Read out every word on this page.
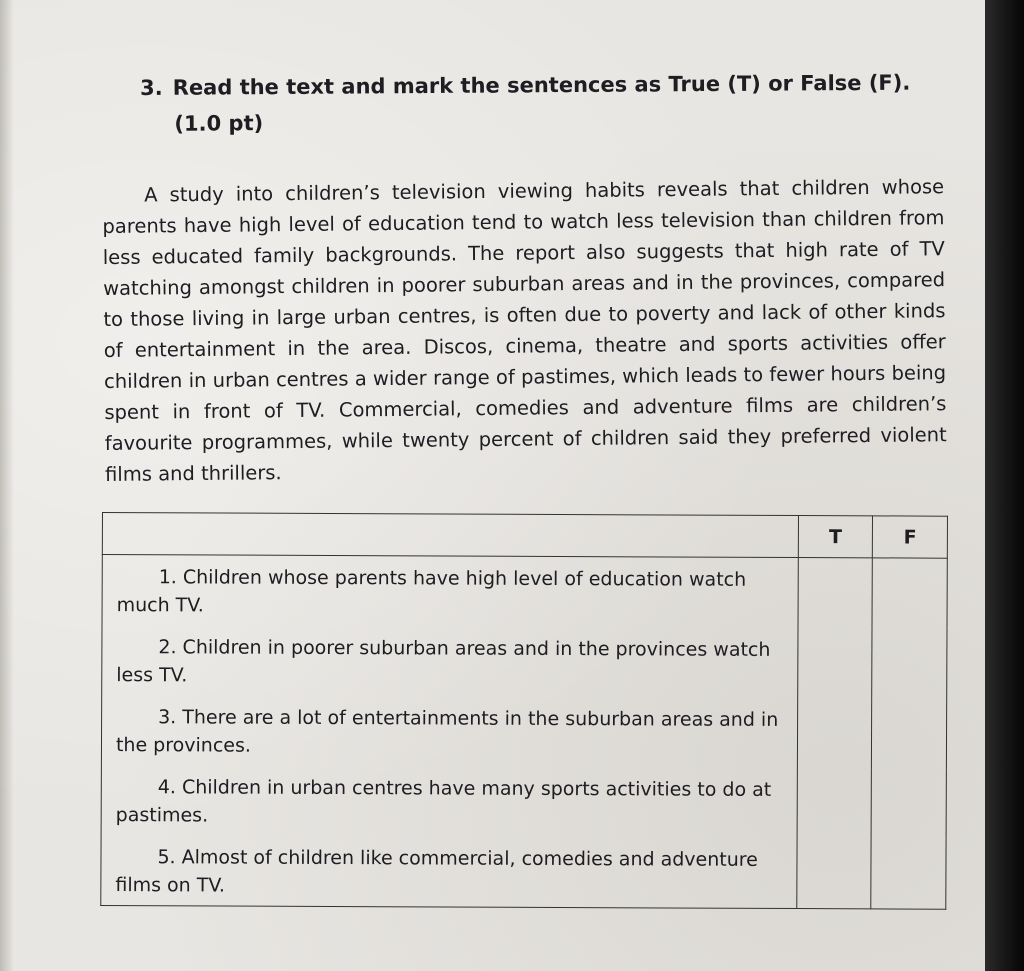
3. Read the text and mark the sentences as True (T) or False (F).
(1.0 pt)

A study into children’s television viewing habits reveals that children whose parents have high level of education tend to watch less television than children from less educated family backgrounds. The report also suggests that high rate of TV watching amongst children in poorer suburban areas and in the provinces, compared to those living in large urban centres, is often due to poverty and lack of other kinds of entertainment in the area. Discos, cinema, theatre and sports activities offer children in urban centres a wider range of pastimes, which leads to fewer hours being spent in front of TV. Commercial, comedies and adventure films are children’s favourite programmes, while twenty percent of children said they preferred violent films and thrillers.

	T	F
1. Children whose parents have high level of education watch much TV.		
2. Children in poorer suburban areas and in the provinces watch less TV.		
3. There are a lot of entertainments in the suburban areas and in the provinces.		
4. Children in urban centres have many sports activities to do at pastimes.		
5. Almost of children like commercial, comedies and adventure films on TV.		
